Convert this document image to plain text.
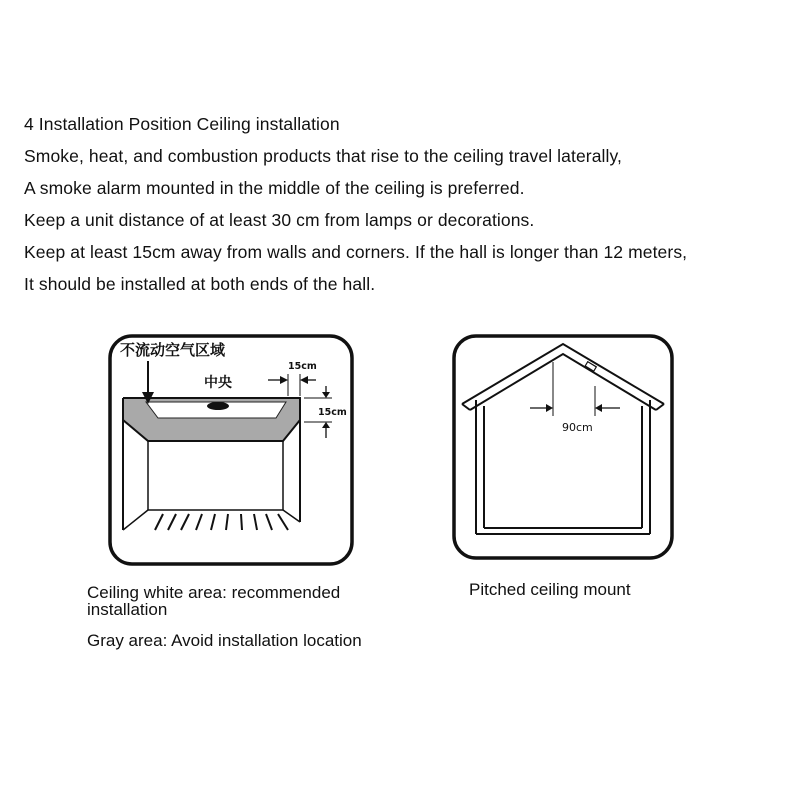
4 Installation Position Ceiling installation
Smoke, heat, and combustion products that rise to the ceiling travel laterally,
A smoke alarm mounted in the middle of the ceiling is preferred.
Keep a unit distance of at least 30 cm from lamps or decorations.
Keep at least 15cm away from walls and corners. If the hall is longer than 12 meters,
It should be installed at both ends of the hall.
不流动空气区域
中央
15cm
15cm
90cm
Ceiling white area: recommended installation
Gray area: Avoid installation location
Pitched ceiling mount
